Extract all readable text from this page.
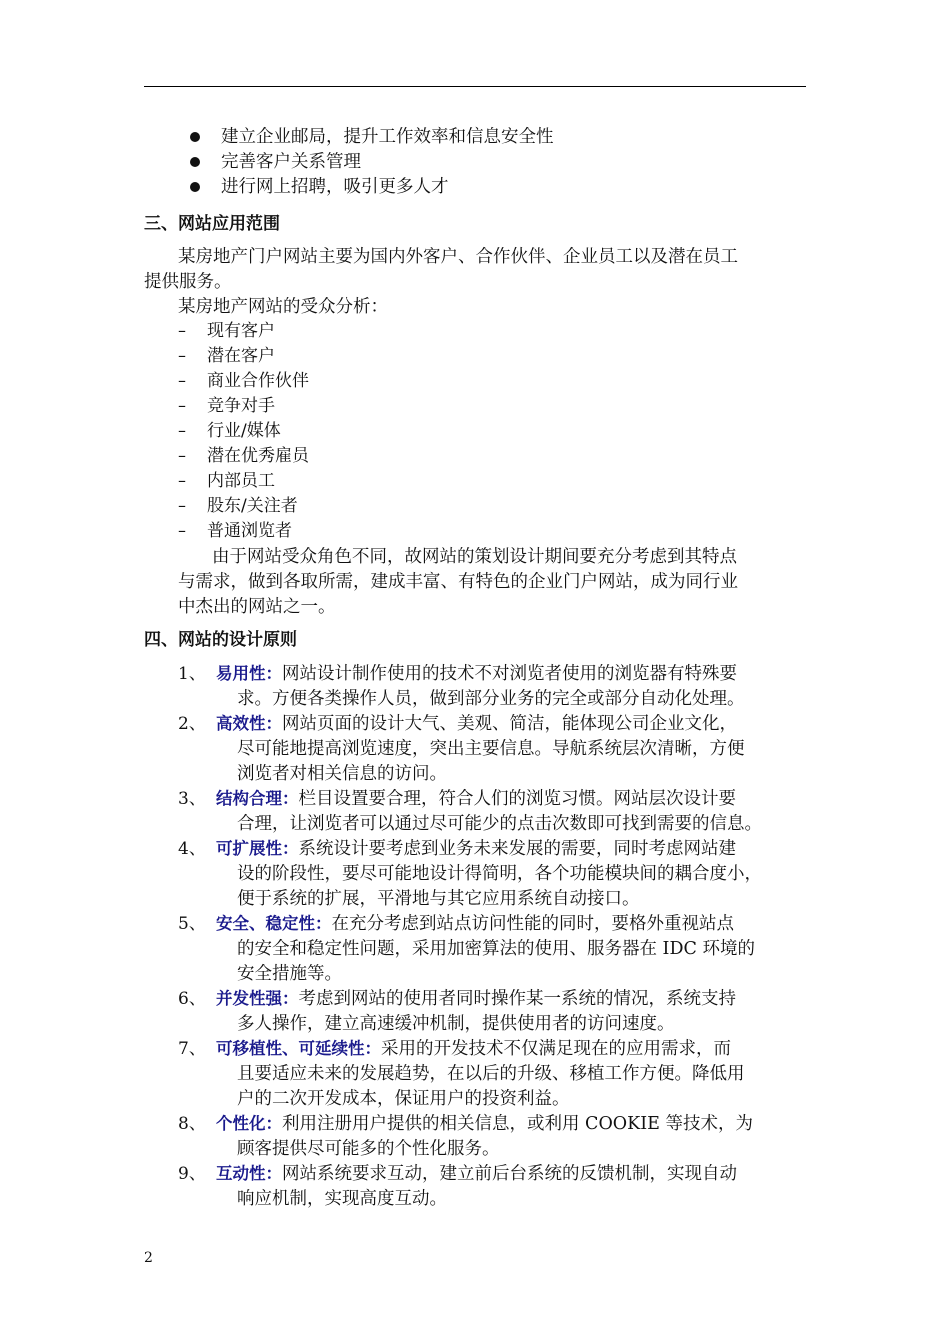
建立企业邮局，提升工作效率和信息安全性
完善客户关系管理
进行网上招聘，吸引更多人才
三、网站应用范围
某房地产门户网站主要为国内外客户、合作伙伴、企业员工以及潜在员工
提供服务。
某房地产网站的受众分析：
– 现有客户
– 潜在客户
– 商业合作伙伴
– 竞争对手
– 行业/媒体
– 潜在优秀雇员
– 内部员工
– 股东/关注者
– 普通浏览者
由于网站受众角色不同，故网站的策划设计期间要充分考虑到其特点
与需求，做到各取所需，建成丰富、有特色的企业门户网站，成为同行业
中杰出的网站之一。
四、网站的设计原则
1、 易用性：网站设计制作使用的技术不对浏览者使用的浏览器有特殊要
求。方便各类操作人员，做到部分业务的完全或部分自动化处理。
2、 高效性：网站页面的设计大气、美观、简洁，能体现公司企业文化，
尽可能地提高浏览速度，突出主要信息。导航系统层次清晰，方便
浏览者对相关信息的访问。
3、 结构合理：栏目设置要合理，符合人们的浏览习惯。网站层次设计要
合理，让浏览者可以通过尽可能少的点击次数即可找到需要的信息。
4、 可扩展性：系统设计要考虑到业务未来发展的需要，同时考虑网站建
设的阶段性，要尽可能地设计得简明，各个功能模块间的耦合度小，
便于系统的扩展，平滑地与其它应用系统自动接口。
5、 安全、稳定性：在充分考虑到站点访问性能的同时，要格外重视站点
的安全和稳定性问题，采用加密算法的使用、服务器在 IDC 环境的
安全措施等。
6、 并发性强：考虑到网站的使用者同时操作某一系统的情况，系统支持
多人操作，建立高速缓冲机制，提供使用者的访问速度。
7、 可移植性、可延续性：采用的开发技术不仅满足现在的应用需求，而
且要适应未来的发展趋势，在以后的升级、移植工作方便。降低用
户的二次开发成本，保证用户的投资利益。
8、 个性化：利用注册用户提供的相关信息，或利用 COOKIE 等技术，为
顾客提供尽可能多的个性化服务。
9、 互动性：网站系统要求互动，建立前后台系统的反馈机制，实现自动
响应机制，实现高度互动。
2
